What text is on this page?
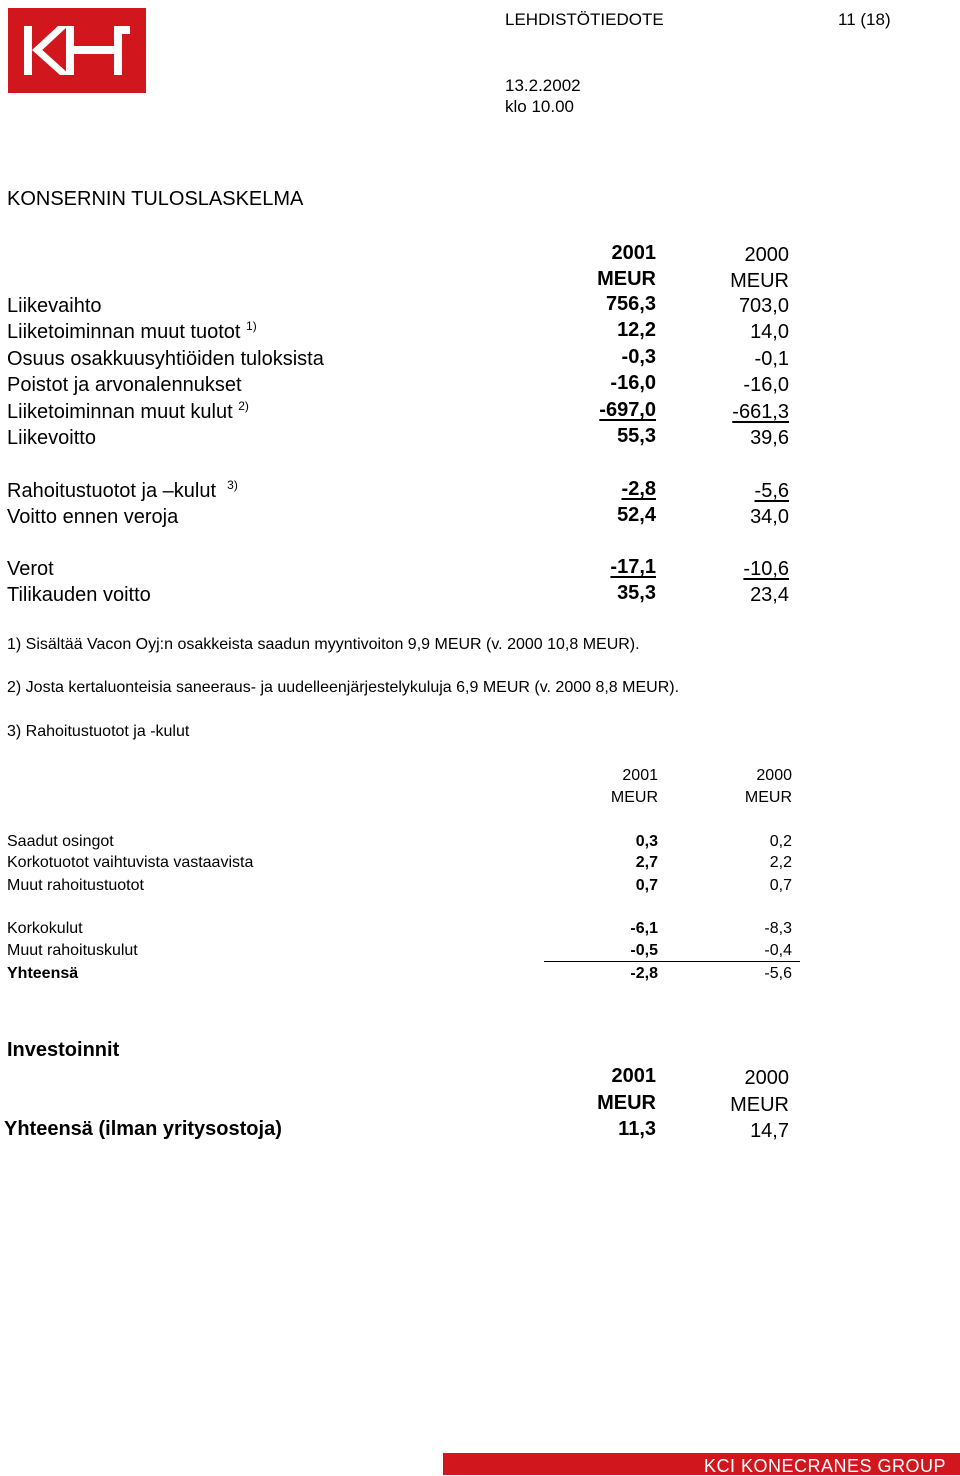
LEHDISTÖTIEDOTE	11 (18)
13.2.2002
klo 10.00
KONSERNIN TULOSLASKELMA
2001	2000
MEUR	MEUR
Liikevaihto	756,3	703,0
Liiketoiminnan muut tuotot $^{1)}$	12,2	14,0
Osuus osakkuusyhtiöiden tuloksista	-0,3	-0,1
Poistot ja arvonalennukset	-16,0	-16,0
Liiketoiminnan muut kulut $^{2)}$	-697,0	-661,3
Liikevoitto	55,3	39,6
Rahoitustuotot ja –kulut $^{3)}$	-2,8	-5,6
Voitto ennen veroja	52,4	34,0
Verot	-17,1	-10,6
Tilikauden voitto	35,3	23,4
1) Sisältää Vacon Oyj:n osakkeista saadun myyntivoiton 9,9 MEUR (v. 2000 10,8 MEUR).
2) Josta kertaluonteisia saneeraus- ja uudelleenjärjestelykuluja 6,9 MEUR (v. 2000 8,8 MEUR).
3) Rahoitustuotot ja -kulut
2001	2000
MEUR	MEUR
Saadut osingot	0,3	0,2
Korkotuotot vaihtuvista vastaavista	2,7	2,2
Muut rahoitustuotot	0,7	0,7
Korkokulut	-6,1	-8,3
Muut rahoituskulut	-0,5	-0,4
Yhteensä	-2,8	-5,6
Investoinnit
2001	2000
MEUR	MEUR
Yhteensä (ilman yritysostoja)	11,3	14,7
KCI KONECRANES GROUP
